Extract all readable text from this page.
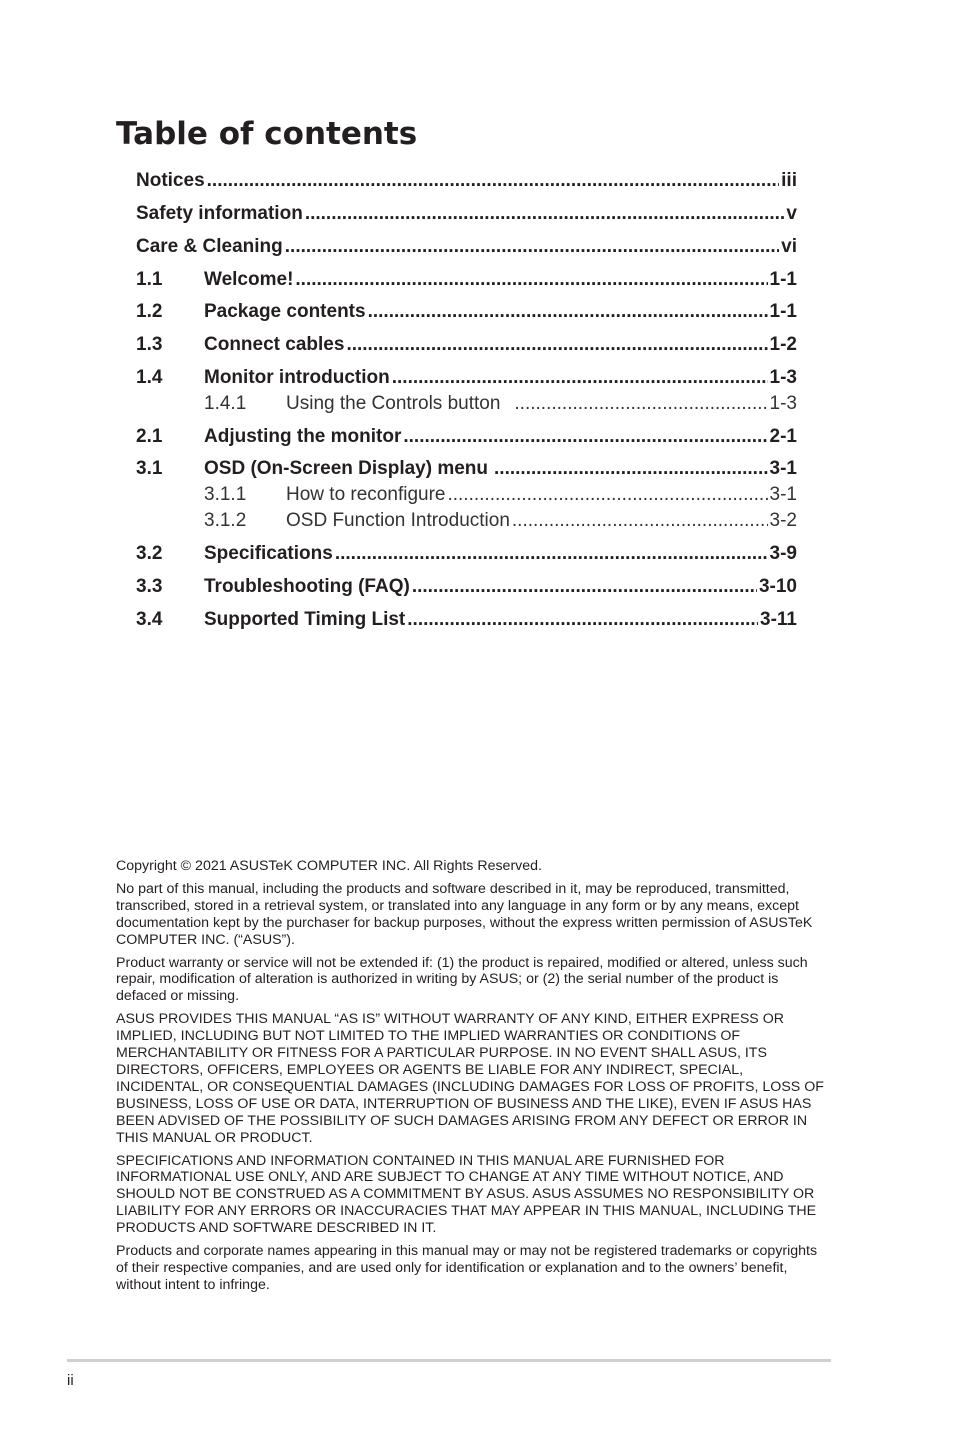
Table of contents
Notices .....	iii
Safety information .....	v
Care & Cleaning .....	vi
1.1	Welcome! .....	1-1
1.2	Package contents .....	1-1
1.3	Connect cables .....	1-2
1.4	Monitor introduction .....	1-3
1.4.1	Using the Controls button .....	1-3
2.1	Adjusting the monitor .....	2-1
3.1	OSD (On-Screen Display) menu .....	3-1
3.1.1	How to reconfigure .....	3-1
3.1.2	OSD Function Introduction .....	3-2
3.2	Specifications .....	3-9
3.3	Troubleshooting (FAQ) .....	3-10
3.4	Supported Timing List .....	3-11

Copyright © 2021 ASUSTeK COMPUTER INC. All Rights Reserved.

No part of this manual, including the products and software described in it, may be reproduced, transmitted, transcribed, stored in a retrieval system, or translated into any language in any form or by any means, except documentation kept by the purchaser for backup purposes, without the express written permission of ASUSTeK COMPUTER INC. (“ASUS”).

Product warranty or service will not be extended if: (1) the product is repaired, modified or altered, unless such repair, modification of alteration is authorized in writing by ASUS; or (2) the serial number of the product is defaced or missing.

ASUS PROVIDES THIS MANUAL “AS IS” WITHOUT WARRANTY OF ANY KIND, EITHER EXPRESS OR IMPLIED, INCLUDING BUT NOT LIMITED TO THE IMPLIED WARRANTIES OR CONDITIONS OF MERCHANTABILITY OR FITNESS FOR A PARTICULAR PURPOSE. IN NO EVENT SHALL ASUS, ITS DIRECTORS, OFFICERS, EMPLOYEES OR AGENTS BE LIABLE FOR ANY INDIRECT, SPECIAL, INCIDENTAL, OR CONSEQUENTIAL DAMAGES (INCLUDING DAMAGES FOR LOSS OF PROFITS, LOSS OF BUSINESS, LOSS OF USE OR DATA, INTERRUPTION OF BUSINESS AND THE LIKE), EVEN IF ASUS HAS BEEN ADVISED OF THE POSSIBILITY OF SUCH DAMAGES ARISING FROM ANY DEFECT OR ERROR IN THIS MANUAL OR PRODUCT.

SPECIFICATIONS AND INFORMATION CONTAINED IN THIS MANUAL ARE FURNISHED FOR INFORMATIONAL USE ONLY, AND ARE SUBJECT TO CHANGE AT ANY TIME WITHOUT NOTICE, AND SHOULD NOT BE CONSTRUED AS A COMMITMENT BY ASUS. ASUS ASSUMES NO RESPONSIBILITY OR LIABILITY FOR ANY ERRORS OR INACCURACIES THAT MAY APPEAR IN THIS MANUAL, INCLUDING THE PRODUCTS AND SOFTWARE DESCRIBED IN IT.

Products and corporate names appearing in this manual may or may not be registered trademarks or copyrights of their respective companies, and are used only for identification or explanation and to the owners’ benefit, without intent to infringe.

ii
